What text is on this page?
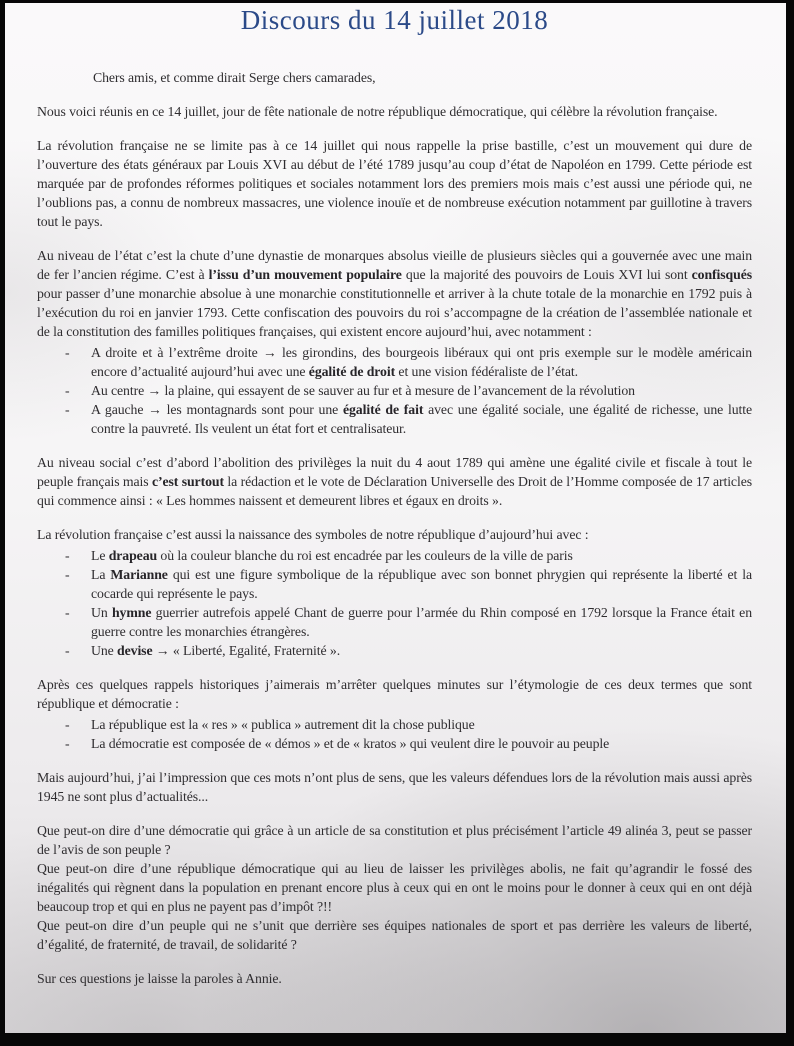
Discours du 14 juillet 2018

Chers amis, et comme dirait Serge chers camarades,

Nous voici réunis en ce 14 juillet, jour de fête nationale de notre république démocratique, qui célèbre la révolution française.

La révolution française ne se limite pas à ce 14 juillet qui nous rappelle la prise bastille, c’est un mouvement qui dure de l’ouverture des états généraux par Louis XVI au début de l’été 1789 jusqu’au coup d’état de Napoléon en 1799. Cette période est marquée par de profondes réformes politiques et sociales notamment lors des premiers mois mais c’est aussi une période qui, ne l’oublions pas, a connu de nombreux massacres, une violence inouïe et de nombreuse exécution notamment par guillotine à travers tout le pays.

Au niveau de l’état c’est la chute d’une dynastie de monarques absolus vieille de plusieurs siècles qui a gouvernée avec une main de fer l’ancien régime. C’est à l’issu d’un mouvement populaire que la majorité des pouvoirs de Louis XVI lui sont confisqués pour passer d’une monarchie absolue à une monarchie constitutionnelle et arriver à la chute totale de la monarchie en 1792 puis à l’exécution du roi en janvier 1793. Cette confiscation des pouvoirs du roi s’accompagne de la création de l’assemblée nationale et de la constitution des familles politiques françaises, qui existent encore aujourd’hui, avec notamment :

- A droite et à l’extrême droite → les girondins, des bourgeois libéraux qui ont pris exemple sur le modèle américain encore d’actualité aujourd’hui avec une égalité de droit et une vision fédéraliste de l’état.
- Au centre → la plaine, qui essayent de se sauver au fur et à mesure de l’avancement de la révolution
- A gauche → les montagnards sont pour une égalité de fait avec une égalité sociale, une égalité de richesse, une lutte contre la pauvreté. Ils veulent un état fort et centralisateur.

Au niveau social c’est d’abord l’abolition des privilèges la nuit du 4 aout 1789 qui amène une égalité civile et fiscale à tout le peuple français mais c’est surtout la rédaction et le vote de Déclaration Universelle des Droit de l’Homme composée de 17 articles qui commence ainsi : « Les hommes naissent et demeurent libres et égaux en droits ».

La révolution française c’est aussi la naissance des symboles de notre république d’aujourd’hui avec :

- Le drapeau où la couleur blanche du roi est encadrée par les couleurs de la ville de paris
- La Marianne qui est une figure symbolique de la république avec son bonnet phrygien qui représente la liberté et la cocarde qui représente le pays.
- Un hymne guerrier autrefois appelé Chant de guerre pour l’armée du Rhin composé en 1792 lorsque la France était en guerre contre les monarchies étrangères.
- Une devise → « Liberté, Egalité, Fraternité ».

Après ces quelques rappels historiques j’aimerais m’arrêter quelques minutes sur l’étymologie de ces deux termes que sont république et démocratie :

- La république est la « res » « publica » autrement dit la chose publique
- La démocratie est composée de « démos » et de « kratos » qui veulent dire le pouvoir au peuple

Mais aujourd’hui, j’ai l’impression que ces mots n’ont plus de sens, que les valeurs défendues lors de la révolution mais aussi après 1945 ne sont plus d’actualités...

Que peut-on dire d’une démocratie qui grâce à un article de sa constitution et plus précisément l’article 49 alinéa 3, peut se passer de l’avis de son peuple ?

Que peut-on dire d’une république démocratique qui au lieu de laisser les privilèges abolis, ne fait qu’agrandir le fossé des inégalités qui règnent dans la population en prenant encore plus à ceux qui en ont le moins pour le donner à ceux qui en ont déjà beaucoup trop et qui en plus ne payent pas d’impôt ?!!

Que peut-on dire d’un peuple qui ne s’unit que derrière ses équipes nationales de sport et pas derrière les valeurs de liberté, d’égalité, de fraternité, de travail, de solidarité ?

Sur ces questions je laisse la paroles à Annie.
